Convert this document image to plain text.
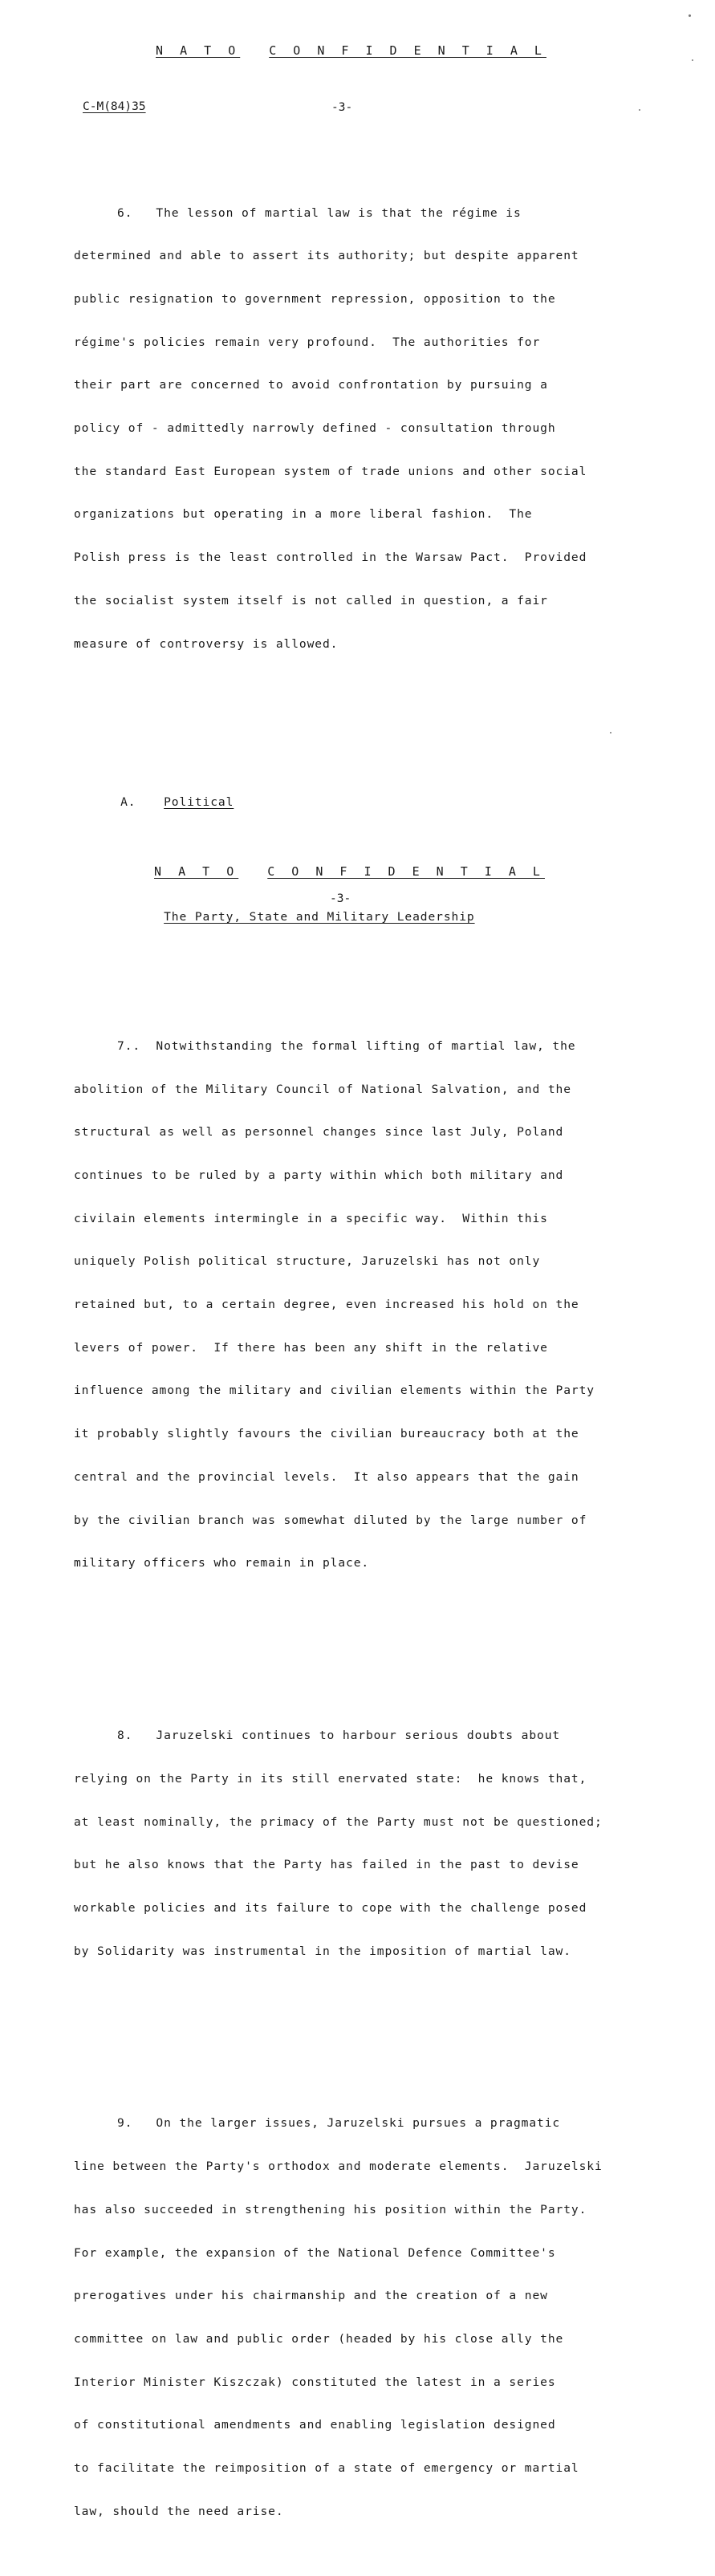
N A T O C O N F I D E N T I A L
C-M(84)35	-3-

6.   The lesson of martial law is that the régime is

determined and able to assert its authority; but despite apparent

public resignation to government repression, opposition to the

régime's policies remain very profound.  The authorities for

their part are concerned to avoid confrontation by pursuing a

policy of - admittedly narrowly defined - consultation through

the standard East European system of trade unions and other social

organizations but operating in a more liberal fashion.  The

Polish press is the least controlled in the Warsaw Pact.  Provided

the socialist system itself is not called in question, a fair

measure of controversy is allowed.

A. Political

The Party, State and Military Leadership

7..  Notwithstanding the formal lifting of martial law, the

abolition of the Military Council of National Salvation, and the

structural as well as personnel changes since last July, Poland

continues to be ruled by a party within which both military and

civilain elements intermingle in a specific way.  Within this

uniquely Polish political structure, Jaruzelski has not only

retained but, to a certain degree, even increased his hold on the

levers of power.  If there has been any shift in the relative

influence among the military and civilian elements within the Party

it probably slightly favours the civilian bureaucracy both at the

central and the provincial levels.  It also appears that the gain

by the civilian branch was somewhat diluted by the large number of

military officers who remain in place.

8.   Jaruzelski continues to harbour serious doubts about

relying on the Party in its still enervated state:  he knows that,

at least nominally, the primacy of the Party must not be questioned;

but he also knows that the Party has failed in the past to devise

workable policies and its failure to cope with the challenge posed

by Solidarity was instrumental in the imposition of martial law.

9.   On the larger issues, Jaruzelski pursues a pragmatic

line between the Party's orthodox and moderate elements.  Jaruzelski

has also succeeded in strengthening his position within the Party.

For example, the expansion of the National Defence Committee's

prerogatives under his chairmanship and the creation of a new

committee on law and public order (headed by his close ally the

Interior Minister Kiszczak) constituted the latest in a series

of constitutional amendments and enabling legislation designed

to facilitate the reimposition of a state of emergency or martial

law, should the need arise.

N A T O C O N F I D E N T I A L
-3-
